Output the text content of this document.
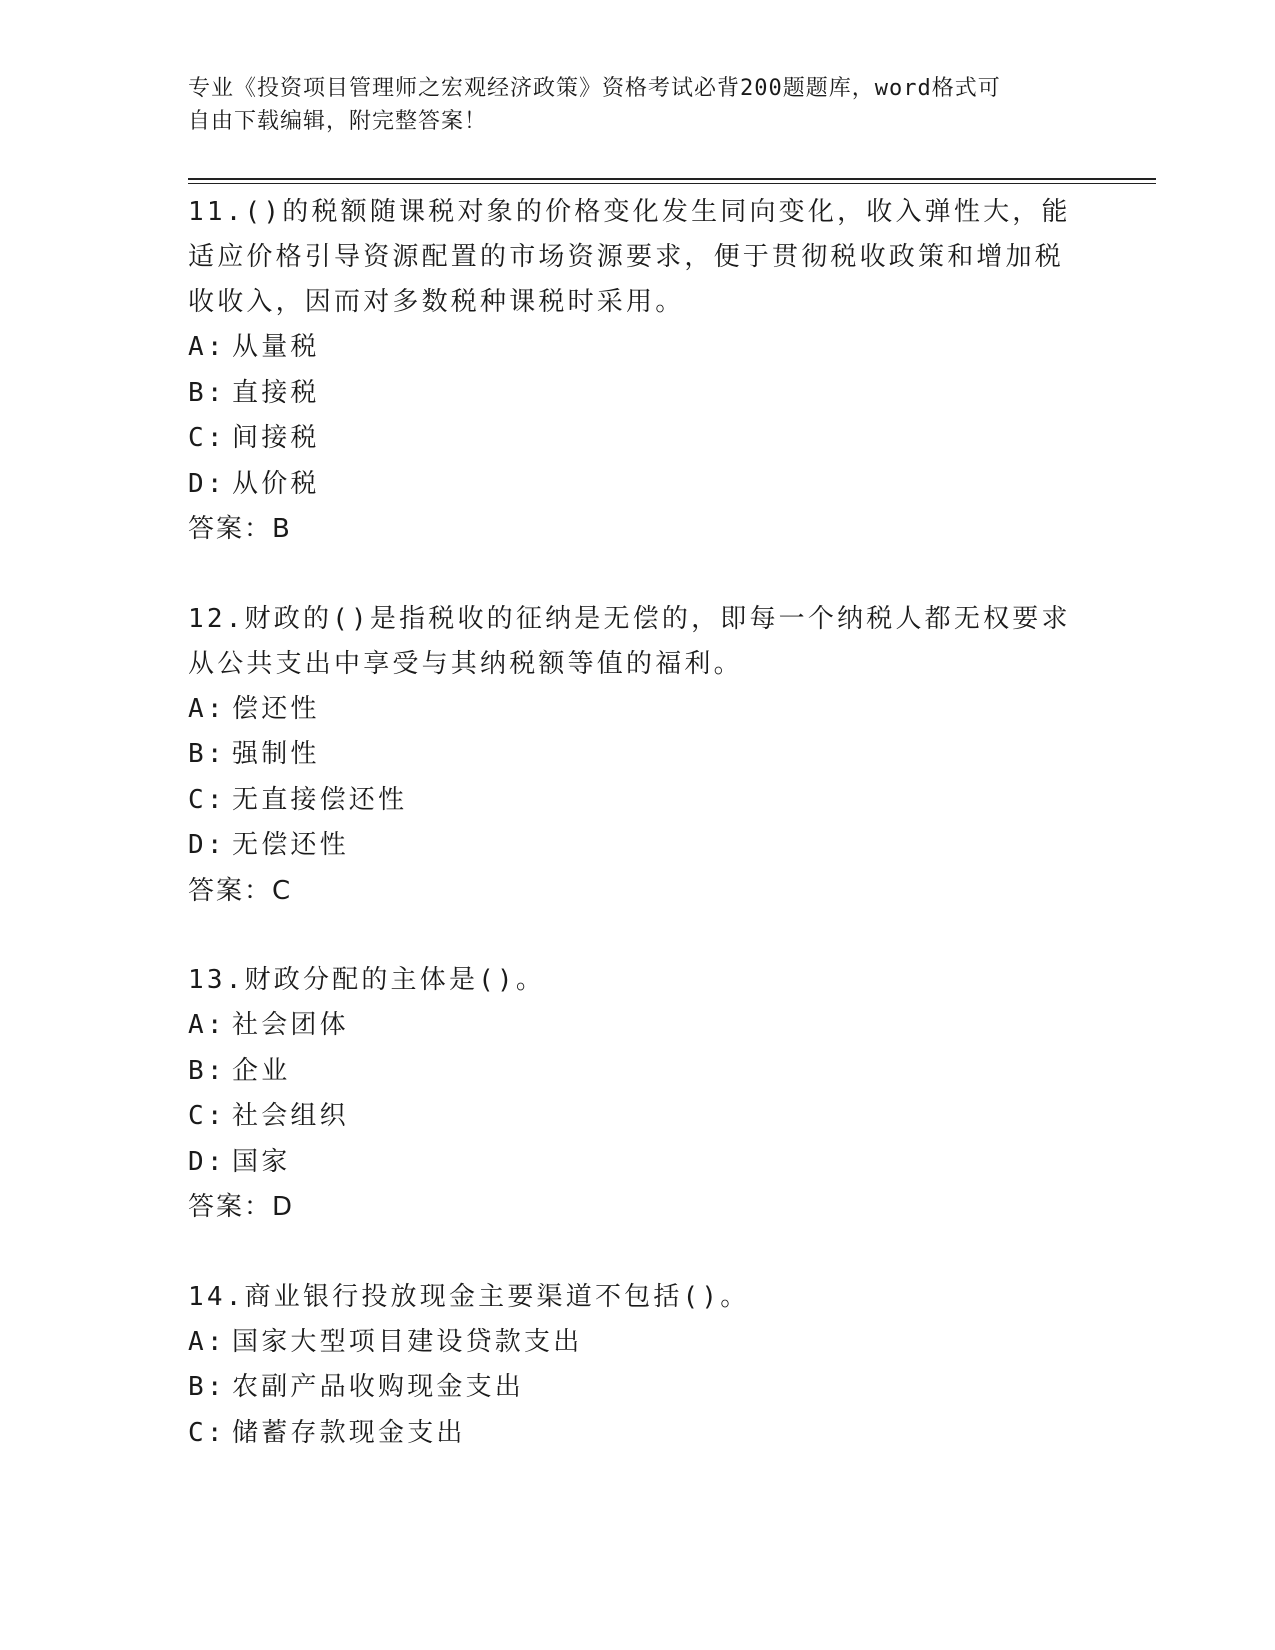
专业《投资项目管理师之宏观经济政策》资格考试必背200题题库，word格式可
自由下载编辑，附完整答案！
11.()的税额随课税对象的价格变化发生同向变化，收入弹性大，能适应价格引导资源配置的市场资源要求，便于贯彻税收政策和增加税收收入，因而对多数税种课税时采用。
A: 从量税
B: 直接税
C: 间接税
D: 从价税
答案：B
12.财政的()是指税收的征纳是无偿的，即每一个纳税人都无权要求从公共支出中享受与其纳税额等值的福利。
A: 偿还性
B: 强制性
C: 无直接偿还性
D: 无偿还性
答案：C
13.财政分配的主体是()。
A: 社会团体
B: 企业
C: 社会组织
D: 国家
答案：D
14.商业银行投放现金主要渠道不包括()。
A: 国家大型项目建设贷款支出
B: 农副产品收购现金支出
C: 储蓄存款现金支出
